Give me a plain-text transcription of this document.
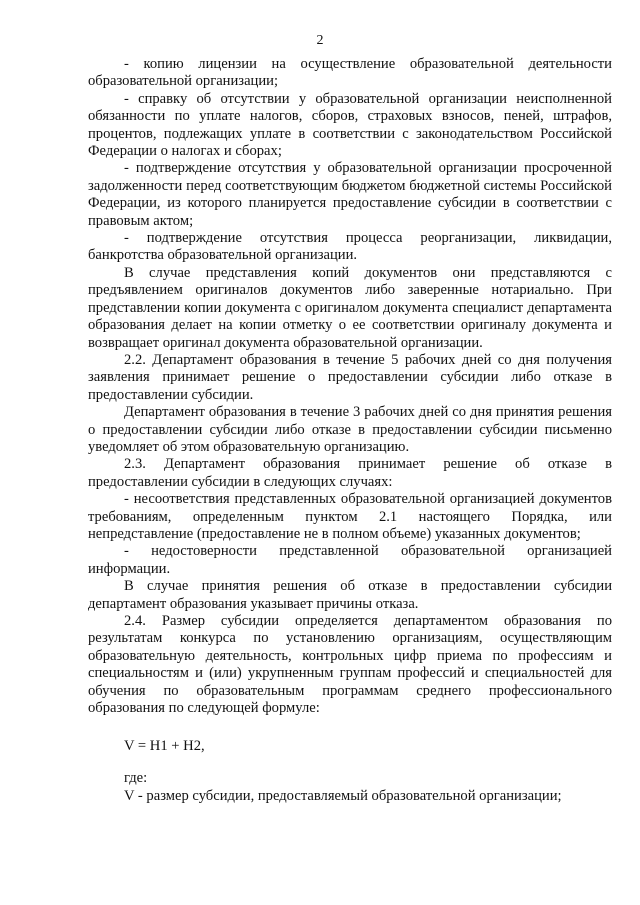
2

- копию лицензии на осуществление образовательной деятельности образовательной организации;

- справку об отсутствии у образовательной организации неисполненной обязанности по уплате налогов, сборов, страховых взносов, пеней, штрафов, процентов, подлежащих уплате в соответствии с законодательством Российской Федерации о налогах и сборах;

- подтверждение отсутствия у образовательной организации просроченной задолженности перед соответствующим бюджетом бюджетной системы Российской Федерации, из которого планируется предоставление субсидии в соответствии с правовым актом;

- подтверждение отсутствия процесса реорганизации, ликвидации, банкротства образовательной организации.

В случае представления копий документов они представляются с предъявлением оригиналов документов либо заверенные нотариально. При представлении копии документа с оригиналом документа специалист департамента образования делает на копии отметку о ее соответствии оригиналу документа и возвращает оригинал документа образовательной организации.

2.2. Департамент образования в течение 5 рабочих дней со дня получения заявления принимает решение о предоставлении субсидии либо отказе в предоставлении субсидии.

Департамент образования в течение 3 рабочих дней со дня принятия решения о предоставлении субсидии либо отказе в предоставлении субсидии письменно уведомляет об этом образовательную организацию.

2.3. Департамент образования принимает решение об отказе в предоставлении субсидии в следующих случаях:

- несоответствия представленных образовательной организацией документов требованиям, определенным пунктом 2.1 настоящего Порядка, или непредставление (предоставление не в полном объеме) указанных документов;

- недостоверности представленной образовательной организацией информации.

В случае принятия решения об отказе в предоставлении субсидии департамент образования указывает причины отказа.

2.4. Размер субсидии определяется департаментом образования по результатам конкурса по установлению организациям, осуществляющим образовательную деятельность, контрольных цифр приема по профессиям и специальностям и (или) укрупненным группам профессий и специальностей для обучения по образовательным программам среднего профессионального образования по следующей формуле:

V = Н1 + Н2,
где:
V - размер субсидии, предоставляемый образовательной организации;
